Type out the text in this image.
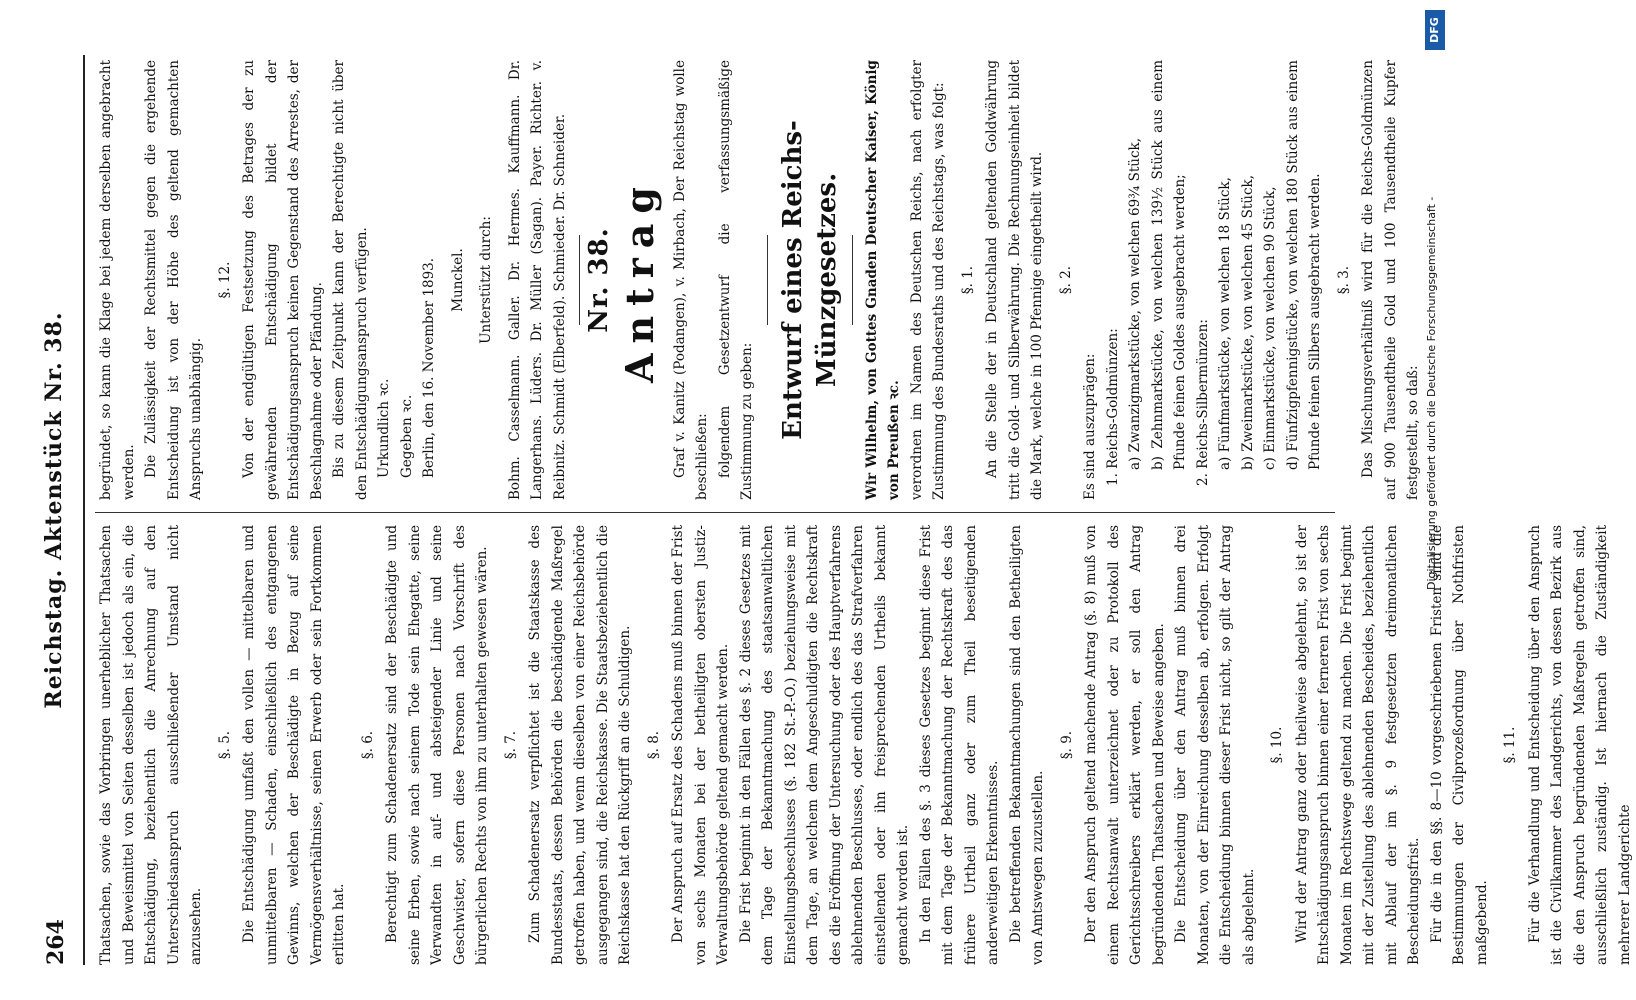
264
Reichstag. Aktenstück Nr. 38.

Thatsachen, sowie das Vorbringen unerheblicher Thatsachen und Beweismittel von Seiten desselben ist jedoch als ein, die Entschädigung, beziehentlich die Anrechnung auf den Unterschiedsanspruch ausschließender Umstand nicht anzusehen.

§. 5. Die Entschädigung umfaßt den vollen — mittelbaren und unmittelbaren — Schaden, einschließlich des entgangenen Gewinns, welchen der Beschädigte in Bezug auf seine Vermögensverhältnisse, seinen Erwerb oder sein Fortkommen erlitten hat.

§. 6. Berechtigt zum Schadenersatz sind der Beschädigte und seine Erben, sowie nach seinem Tode sein Ehegatte, seine Verwandten in auf- und absteigender Linie und seine Geschwister, sofern diese Personen nach Vorschrift des bürgerlichen Rechts von ihm zu unterhalten gewesen wären. §. 7. Zum Schadenersatz verpflichtet ist die Staatskasse des Bundesstaats, dessen Behörden die beschädigende Maßregel getroffen haben, und wenn dieselben von einer Reichsbehörde ausgegangen sind, die Reichskasse. Die Staatsbeziehentlich die Reichskasse hat den Rückgriff an die Schuldigen. §. 8. Der Anspruch auf Ersatz des Schadens muß binnen der Frist von sechs Monaten bei der betheiligten obersten Justiz-Verwaltungsbehörde geltend gemacht werden. Die Frist beginnt in den Fällen des §. 2 dieses Gesetzes mit dem Tage der Bekanntmachung des staatsanwaltlichen Einstellungsbeschlusses (§. 182 St.-P.-O.) beziehungsweise mit dem Tage, an welchem dem Angeschuldigten die Rechtskraft des die Eröffnung der Untersuchung oder des Hauptverfahrens ablehnenden Beschlusses, oder endlich des das Strafverfahren einstellenden oder ihn freisprechenden Urtheils bekannt gemacht worden ist. In den Fällen des §. 3 dieses Gesetzes beginnt diese Frist mit dem Tage der Bekanntmachung der Rechtskraft des das frühere Urtheil ganz oder zum Theil beseitigenden anderweitigen Erkenntnisses. Die betreffenden Bekanntmachungen sind den Betheiligten von Amtswegen zuzustellen.

§. 9. Der den Anspruch geltend machende Antrag (§. 8) muß von einem Rechtsanwalt unterzeichnet oder zu Protokoll des Gerichtsschreibers erklärt werden, er soll den Antrag begründenden Thatsachen und Beweise angeben. Die Entscheidung über den Antrag muß binnen drei Monaten, von der Einreichung desselben ab, erfolgen. Erfolgt die Entscheidung binnen dieser Frist nicht, so gilt der Antrag als abgelehnt.

§. 10. Wird der Antrag ganz oder theilweise abgelehnt, so ist der Entschädigungsanspruch binnen einer ferneren Frist von sechs Monaten im Rechtswege geltend zu machen. Die Frist beginnt mit der Zustellung des ablehnenden Bescheides, beziehentlich mit Ablauf der im §. 9 festgesetzten dreimonatlichen Bescheidungsfrist. Für die in den §§. 8—10 vorgeschriebenen Fristen sind die Bestimmungen der Civilprozeßordnung über Nothfristen maßgebend.

§. 11. Für die Verhandlung und Entscheidung über den Anspruch ist die Civilkammer des Landgerichts, von dessen Bezirk aus die den Anspruch begründenden Maßregeln getroffen sind, ausschließlich zuständig. Ist hiernach die Zuständigkeit mehrerer Landgerichte

begründet, so kann die Klage bei jedem derselben angebracht werden. Die Zulässigkeit der Rechtsmittel gegen die ergehende Entscheidung ist von der Höhe des geltend gemachten Anspruchs unabhängig.

§. 12. Von der endgültigen Festsetzung des Betrages der zu gewährenden Entschädigung bildet der Entschädigungsanspruch keinen Gegenstand des Arrestes, der Beschlagnahme oder Pfändung. Bis zu diesem Zeitpunkt kann der Berechtigte nicht über den Entschädigungsanspruch verfügen. Urkundlich ꝛc. Gegeben ꝛc. Berlin, den 16. November 1893. Munckel. Unterstützt durch: Bohm. Casselmann. Galler. Dr. Hermes. Kauffmann. Dr. Langerhans. Lüders. Dr. Müller (Sagan). Payer. Richter. v. Reibnitz. Schmidt (Elberfeld). Schmieder. Dr. Schneider. Nr. 38. Antrag Graf v. Kanitz (Podangen), v. Mirbach, Der Reichstag wolle beschließen: folgendem Gesetzentwurf die verfassungsmäßige Zustimmung zu geben: Entwurf eines Reichs-Münzgesetzes. Wir Wilhelm, von Gottes Gnaden Deutscher Kaiser, König von Preußen ꝛc. verordnen im Namen des Deutschen Reichs, nach erfolgter Zustimmung des Bundesraths und des Reichstags, was folgt: §. 1. An die Stelle der in Deutschland geltenden Goldwährung tritt die Gold- und Silberwährung. Die Rechnungseinheit bildet die Mark, welche in 100 Pfennige eingetheilt wird. §. 2.

Es sind auszuprägen: 1. Reichs-Goldmünzen: a) Zwanzigmarkstücke, von welchen 69¾ Stück, b) Zehnmarkstücke, von welchen 139½ Stück aus einem Pfunde feinen Goldes ausgebracht werden; 2. Reichs-Silbermünzen: a) Fünfmarkstücke, von welchen 18 Stück, b) Zweimarkstücke, von welchen 45 Stück, c) Einmarkstücke, von welchen 90 Stück, d) Fünfzigpfennigstücke, von welchen 180 Stück aus einem Pfunde feinen Silbers ausgebracht werden. §. 3. Das Mischungsverhältniß wird für die Reichs-Goldmünzen auf 900 Tausendtheile Gold und 100 Tausendtheile Kupfer festgestellt, so daß: Digitalisierung gefördert durch die Deutsche Forschungsgemeinschaft -
DFG
